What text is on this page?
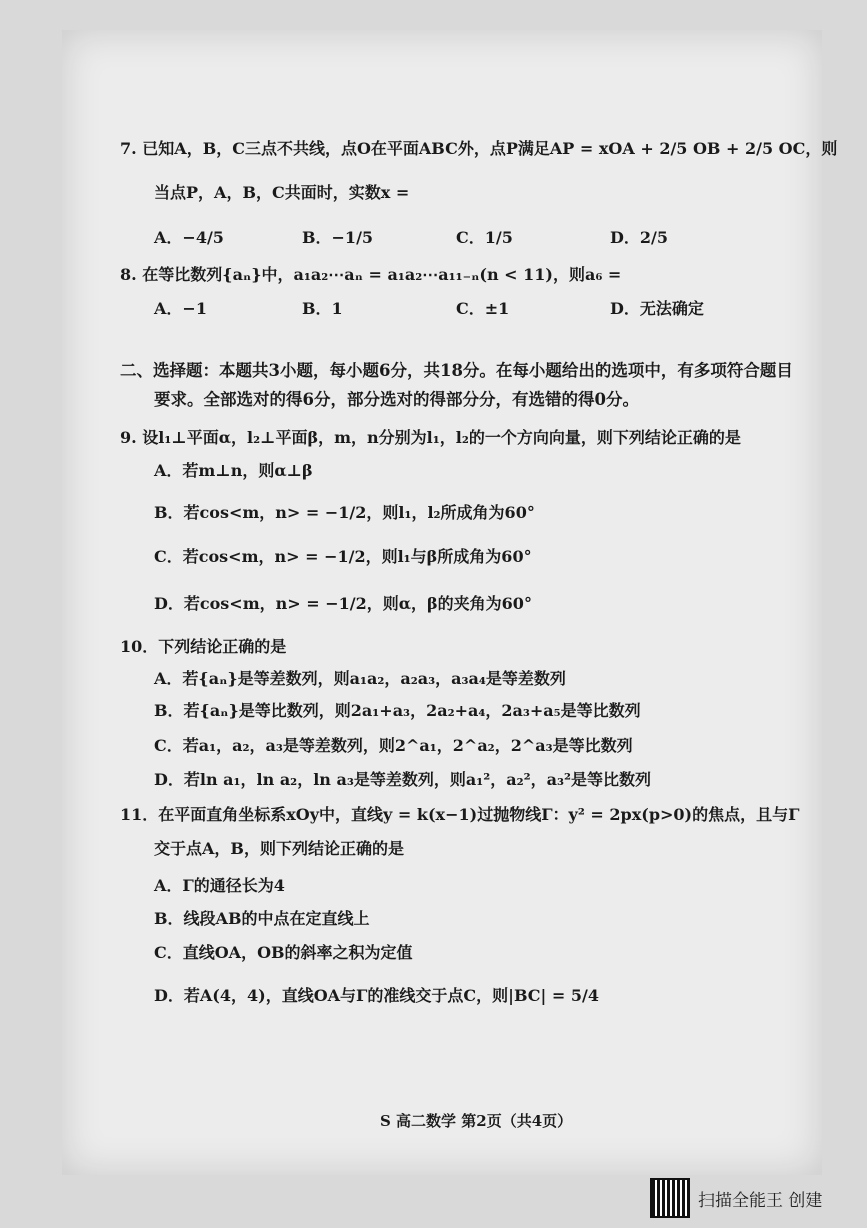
7. 已知A，B，C三点不共线，点O在平面ABC外，点P满足AP = xOA + 2/5 OB + 2/5 OC，则
当点P，A，B，C共面时，实数x =
A．−4/5	B．−1/5	C．1/5	D．2/5
8. 在等比数列{aₙ}中，a₁a₂⋯aₙ = a₁a₂⋯a₁₁₋ₙ(n < 11)，则a₆ =
A．−1	B．1	C．±1	D．无法确定
二、选择题：本题共3小题，每小题6分，共18分。在每小题给出的选项中，有多项符合题目
要求。全部选对的得6分，部分选对的得部分分，有选错的得0分。
9. 设l₁⊥平面α，l₂⊥平面β，m，n分别为l₁，l₂的一个方向向量，则下列结论正确的是
A．若m⊥n，则α⊥β
B．若cos<m，n> = −1/2，则l₁，l₂所成角为60°
C．若cos<m，n> = −1/2，则l₁与β所成角为60°
D．若cos<m，n> = −1/2，则α，β的夹角为60°
10．下列结论正确的是
A．若{aₙ}是等差数列，则a₁a₂，a₂a₃，a₃a₄是等差数列
B．若{aₙ}是等比数列，则2a₁+a₃，2a₂+a₄，2a₃+a₅是等比数列
C．若a₁，a₂，a₃是等差数列，则2^a₁，2^a₂，2^a₃是等比数列
D．若ln a₁，ln a₂，ln a₃是等差数列，则a₁²，a₂²，a₃²是等比数列
11．在平面直角坐标系xOy中，直线y = k(x−1)过抛物线Γ：y² = 2px(p>0)的焦点，且与Γ
交于点A，B，则下列结论正确的是
A．Γ的通径长为4
B．线段AB的中点在定直线上
C．直线OA，OB的斜率之积为定值
D．若A(4，4)，直线OA与Γ的准线交于点C，则|BC| = 5/4
S 高二数学 第2页（共4页）
扫描全能王 创建
